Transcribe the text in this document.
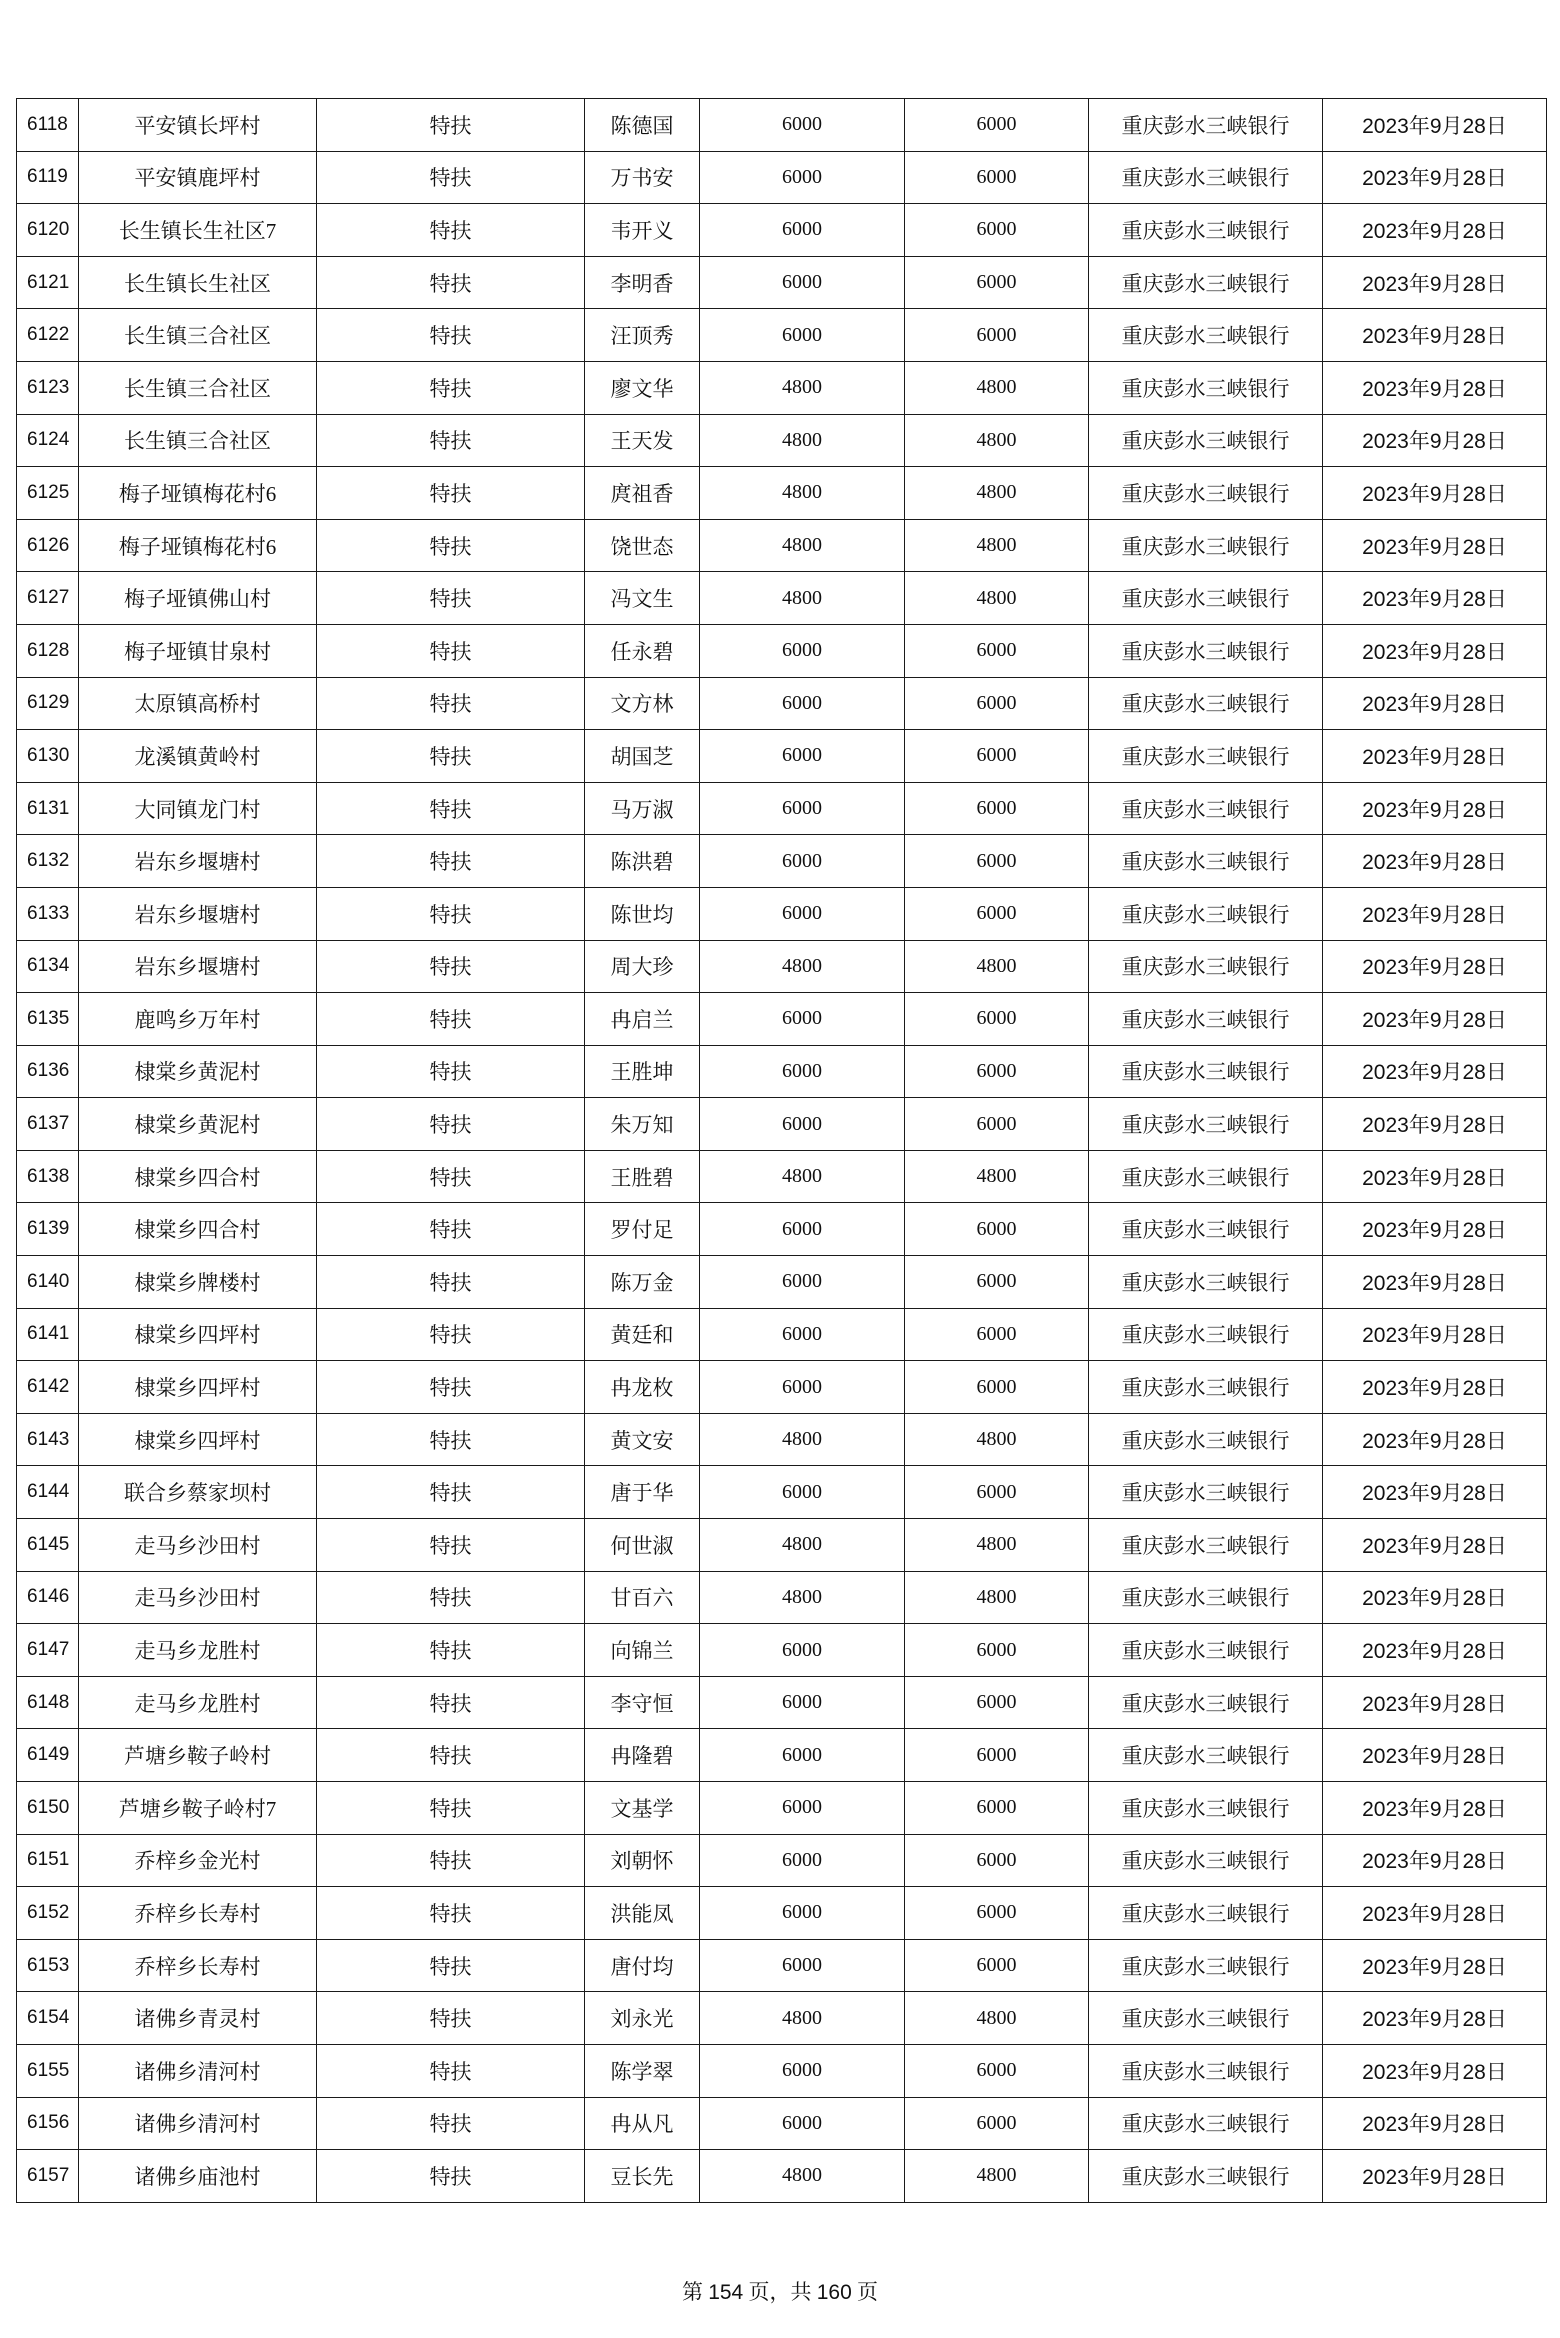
6118	平安镇长坪村	特扶	陈德国	6000	6000	重庆彭水三峡银行	2023年9月28日
6119	平安镇鹿坪村	特扶	万书安	6000	6000	重庆彭水三峡银行	2023年9月28日
6120	长生镇长生社区7	特扶	韦开义	6000	6000	重庆彭水三峡银行	2023年9月28日
6121	长生镇长生社区	特扶	李明香	6000	6000	重庆彭水三峡银行	2023年9月28日
6122	长生镇三合社区	特扶	汪顶秀	6000	6000	重庆彭水三峡银行	2023年9月28日
6123	长生镇三合社区	特扶	廖文华	4800	4800	重庆彭水三峡银行	2023年9月28日
6124	长生镇三合社区	特扶	王天发	4800	4800	重庆彭水三峡银行	2023年9月28日
6125	梅子垭镇梅花村6	特扶	庹祖香	4800	4800	重庆彭水三峡银行	2023年9月28日
6126	梅子垭镇梅花村6	特扶	饶世态	4800	4800	重庆彭水三峡银行	2023年9月28日
6127	梅子垭镇佛山村	特扶	冯文生	4800	4800	重庆彭水三峡银行	2023年9月28日
6128	梅子垭镇甘泉村	特扶	任永碧	6000	6000	重庆彭水三峡银行	2023年9月28日
6129	太原镇高桥村	特扶	文方林	6000	6000	重庆彭水三峡银行	2023年9月28日
6130	龙溪镇黄岭村	特扶	胡国芝	6000	6000	重庆彭水三峡银行	2023年9月28日
6131	大同镇龙门村	特扶	马万淑	6000	6000	重庆彭水三峡银行	2023年9月28日
6132	岩东乡堰塘村	特扶	陈洪碧	6000	6000	重庆彭水三峡银行	2023年9月28日
6133	岩东乡堰塘村	特扶	陈世均	6000	6000	重庆彭水三峡银行	2023年9月28日
6134	岩东乡堰塘村	特扶	周大珍	4800	4800	重庆彭水三峡银行	2023年9月28日
6135	鹿鸣乡万年村	特扶	冉启兰	6000	6000	重庆彭水三峡银行	2023年9月28日
6136	棣棠乡黄泥村	特扶	王胜坤	6000	6000	重庆彭水三峡银行	2023年9月28日
6137	棣棠乡黄泥村	特扶	朱万知	6000	6000	重庆彭水三峡银行	2023年9月28日
6138	棣棠乡四合村	特扶	王胜碧	4800	4800	重庆彭水三峡银行	2023年9月28日
6139	棣棠乡四合村	特扶	罗付足	6000	6000	重庆彭水三峡银行	2023年9月28日
6140	棣棠乡牌楼村	特扶	陈万金	6000	6000	重庆彭水三峡银行	2023年9月28日
6141	棣棠乡四坪村	特扶	黄廷和	6000	6000	重庆彭水三峡银行	2023年9月28日
6142	棣棠乡四坪村	特扶	冉龙枚	6000	6000	重庆彭水三峡银行	2023年9月28日
6143	棣棠乡四坪村	特扶	黄文安	4800	4800	重庆彭水三峡银行	2023年9月28日
6144	联合乡蔡家坝村	特扶	唐于华	6000	6000	重庆彭水三峡银行	2023年9月28日
6145	走马乡沙田村	特扶	何世淑	4800	4800	重庆彭水三峡银行	2023年9月28日
6146	走马乡沙田村	特扶	甘百六	4800	4800	重庆彭水三峡银行	2023年9月28日
6147	走马乡龙胜村	特扶	向锦兰	6000	6000	重庆彭水三峡银行	2023年9月28日
6148	走马乡龙胜村	特扶	李守恒	6000	6000	重庆彭水三峡银行	2023年9月28日
6149	芦塘乡鞍子岭村	特扶	冉隆碧	6000	6000	重庆彭水三峡银行	2023年9月28日
6150	芦塘乡鞍子岭村7	特扶	文基学	6000	6000	重庆彭水三峡银行	2023年9月28日
6151	乔梓乡金光村	特扶	刘朝怀	6000	6000	重庆彭水三峡银行	2023年9月28日
6152	乔梓乡长寿村	特扶	洪能凤	6000	6000	重庆彭水三峡银行	2023年9月28日
6153	乔梓乡长寿村	特扶	唐付均	6000	6000	重庆彭水三峡银行	2023年9月28日
6154	诸佛乡青灵村	特扶	刘永光	4800	4800	重庆彭水三峡银行	2023年9月28日
6155	诸佛乡清河村	特扶	陈学翠	6000	6000	重庆彭水三峡银行	2023年9月28日
6156	诸佛乡清河村	特扶	冉从凡	6000	6000	重庆彭水三峡银行	2023年9月28日
6157	诸佛乡庙池村	特扶	豆长先	4800	4800	重庆彭水三峡银行	2023年9月28日
第 154 页，共 160 页
